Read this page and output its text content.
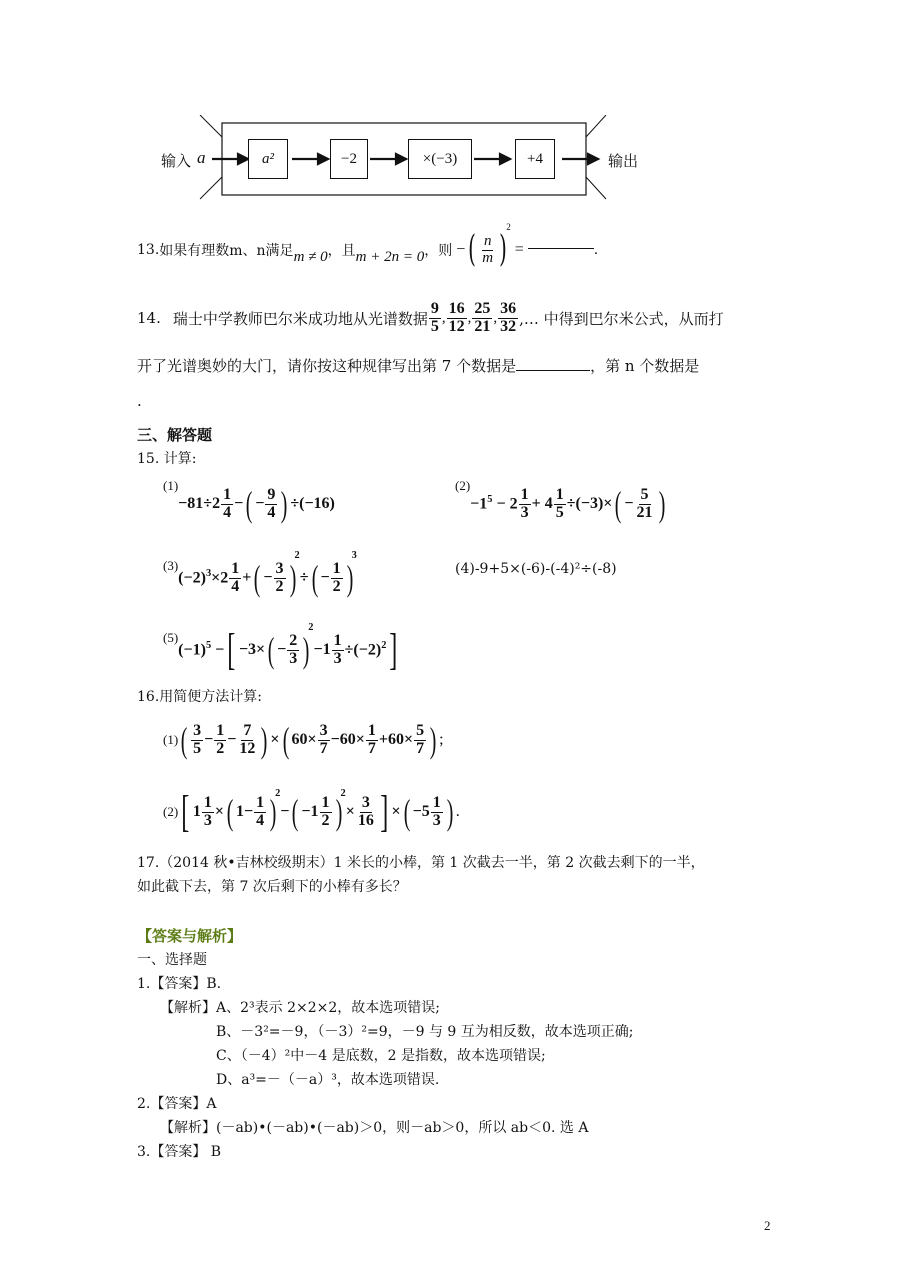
输入 a	a²	−2	×(−3)	+4	输出
13. 如果有理数m、n满足 m ≠ 0 ，且 m + 2n = 0 ，则 − ( $\frac{n}{m}$ )
2
=	.
14. 瑞士中学教师巴尔米成功地从光谱数据 $\frac{9}{5}$ , $\frac{16}{12}$ , $\frac{25}{21}$ , $\frac{36}{32}$ ,… 中得到巴尔米公式，从而打
开了光谱奥妙的大门，请你按这种规律写出第 7 个数据是	，第 n 个数据是
.
三、解答题
15. 计算:
(1)
$-81\div 2 \frac{1}{4}$ − ( − $\frac{9}{4}$ ) ÷(−16)
(2)
$-1^5 - 2 \frac{1}{3} + 4 \frac{1}{5} \div(-3)\times$ ( − $\frac{5}{21}$ )
(3)
$(-2)^3\times 2 \frac{1}{4}$ + ( − $\frac{3}{2}$ )
2
÷ ( − $\frac{1}{2}$ )
3
(4)-9+5×(-6)-(-4)²÷(-8)
(5)
$(-1)^5$ − [ −3× ( − $\frac{2}{3}$ )
2
$-1 \frac{1}{3} \div(-2)^2$ ]
16.用简便方法计算:
(1) ( $\frac{3}{5} - \frac{1}{2} - \frac{7}{12}$ ) × ( $60\times \frac{3}{7} -60\times \frac{1}{7} +60\times \frac{5}{7}$ ) ;
(2) [ $1 \frac{1}{3}$ × ( $1- \frac{1}{4}$ )
2
− ( $-1 \frac{1}{2}$ )
2
× $\frac{3}{16}$ ] × ( $-5 \frac{1}{3}$ ) .
17.（2014 秋•吉林校级期末）1 米长的小棒，第 1 次截去一半，第 2 次截去剩下的一半，
如此截下去，第 7 次后剩下的小棒有多长？
【答案与解析】
一、选择题
1.【答案】B.
【解析】A、2³表示 2×2×2，故本选项错误;
B、－3²=－9，（－3）²=9，－9 与 9 互为相反数，故本选项正确;
C、（－4）²中－4 是底数，2 是指数，故本选项错误;
D、a³=－（－a）³，故本选项错误.
2.【答案】A
【解析】(－ab)•(－ab)•(－ab)＞0，则－ab＞0，所以 ab＜0. 选 A
3.【答案】 B
2
